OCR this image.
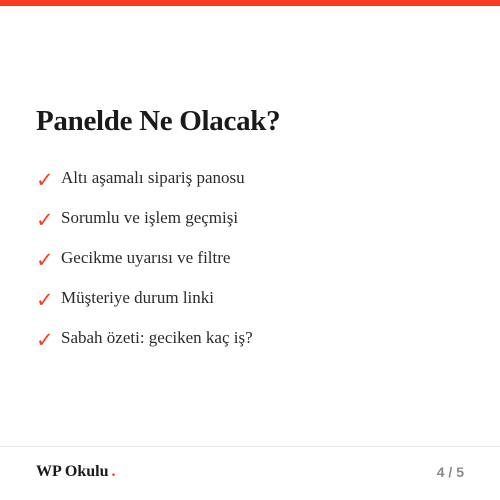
Panelde Ne Olacak?
✓ Altı aşamalı sipariş panosu
✓ Sorumlu ve işlem geçmişi
✓ Gecikme uyarısı ve filtre
✓ Müşteriye durum linki
✓ Sabah özeti: geciken kaç iş?
WP Okulu .	4 / 5
